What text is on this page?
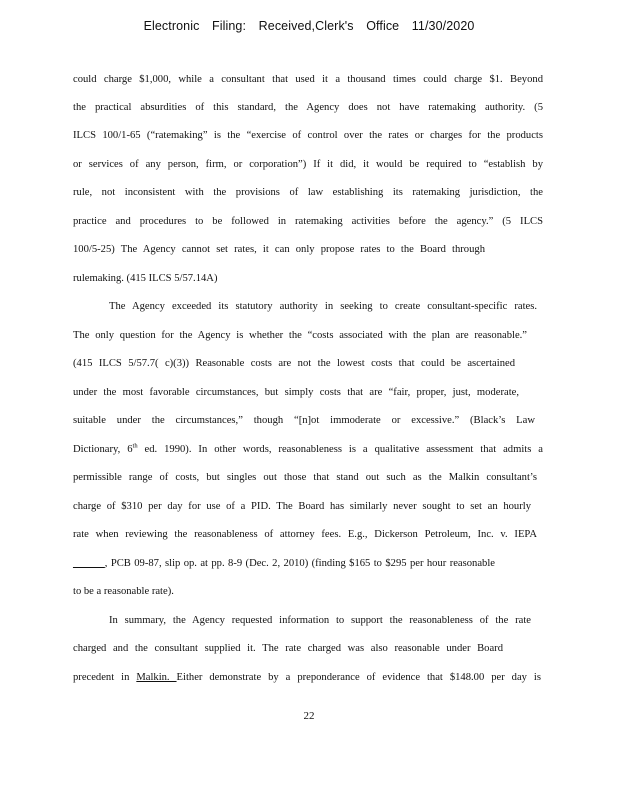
Electronic Filing: Received,Clerk's Office 11/30/2020
could charge $1,000, while a consultant that used it a thousand times could charge $1. Beyond
the practical absurdities of this standard, the Agency does not have ratemaking authority. (5
ILCS 100/1-65 (“ratemaking” is the “exercise of control over the rates or charges for the products
or services of any person, firm, or corporation”) If it did, it would be required to “establish by
rule, not inconsistent with the provisions of law establishing its ratemaking jurisdiction, the
practice and procedures to be followed in ratemaking activities before the agency.” (5 ILCS
100/5-25) The Agency cannot set rates, it can only propose rates to the Board through
rulemaking. (415 ILCS 5/57.14A)
The Agency exceeded its statutory authority in seeking to create consultant-specific rates.
The only question for the Agency is whether the “costs associated with the plan are reasonable.”
(415 ILCS 5/57.7( c)(3)) Reasonable costs are not the lowest costs that could be ascertained
under the most favorable circumstances, but simply costs that are “fair, proper, just, moderate,
suitable under the circumstances,” though “[n]ot immoderate or excessive.” (Black’s Law
Dictionary, 6th ed. 1990). In other words, reasonableness is a qualitative assessment that admits a
permissible range of costs, but singles out those that stand out such as the Malkin consultant’s
charge of $310 per day for use of a PID. The Board has similarly never sought to set an hourly
rate when reviewing the reasonableness of attorney fees. E.g., Dickerson Petroleum, Inc. v. IEPA
______, PCB 09-87, slip op. at pp. 8-9 (Dec. 2, 2010) (finding $165 to $295 per hour reasonable
to be a reasonable rate).
In summary, the Agency requested information to support the reasonableness of the rate
charged and the consultant supplied it. The rate charged was also reasonable under Board
precedent in Malkin. Either demonstrate by a preponderance of evidence that $148.00 per day is
22
